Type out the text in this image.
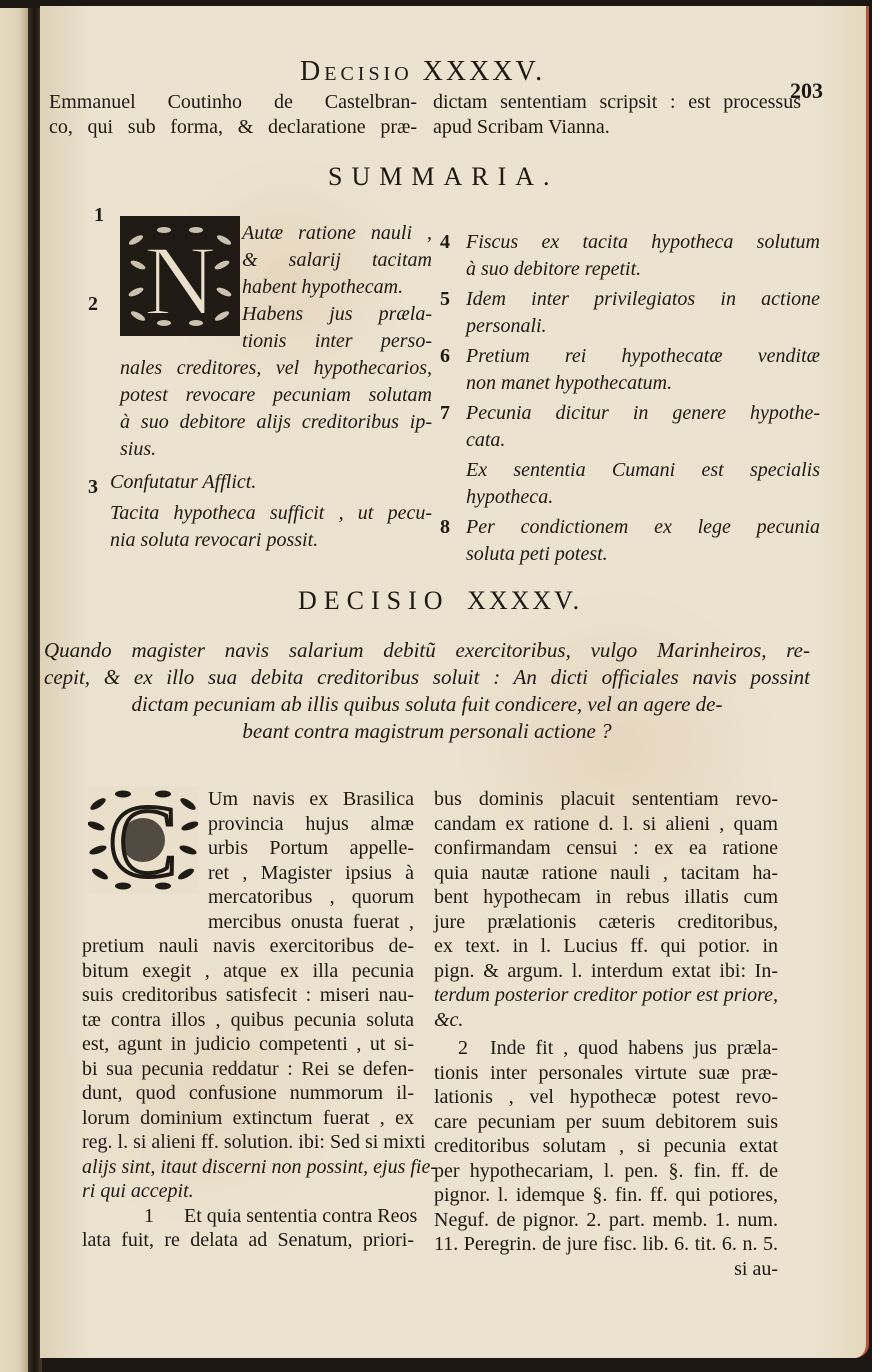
Decisio XXXXV.
203
Emmanuel Coutinho de Castelbran-
co, qui sub forma, & declaratione præ-
dictam sententiam scripsit : est processus
apud Scribam Vianna.
SUMMARIA.
1
N Autæ ratione nauli ,
& salarij tacitam
habent hypothecam.
2	Habens jus præla-
tionis inter perso-
nales creditores, vel hypothecarios,
potest revocare pecuniam solutam
à suo debitore alijs creditoribus ip-
sius.
3 Confutatur Afflict.
Tacita hypotheca sufficit , ut pecu-
nia soluta revocari possit.
4 Fiscus ex tacita hypotheca solutum
à suo debitore repetit.
5 Idem inter privilegiatos in actione
personali.
6 Pretium rei hypothecatæ venditæ
non manet hypothecatum.
7 Pecunia dicitur in genere hypothe-
cata.
Ex sententia Cumani est specialis
hypotheca.
8 Per condictionem ex lege pecunia
soluta peti potest.
DECISIO XXXXV.
Quando magister navis salarium debitũ exercitoribus, vulgo Marinheiros, re-
cepit, & ex illo sua debita creditoribus soluit : An dicti officiales navis possint
dictam pecuniam ab illis quibus soluta fuit condicere, vel an agere de-
beant contra magistrum personali actione ?
C Um navis ex Brasilica
provincia hujus almæ
urbis Portum appelle-
ret , Magister ipsius à
mercatoribus , quorum
mercibus onusta fuerat ,
pretium nauli navis exercitoribus de-
bitum exegit , atque ex illa pecunia
suis creditoribus satisfecit : miseri nau-
tæ contra illos , quibus pecunia soluta
est, agunt in judicio competenti , ut si-
bi sua pecunia reddatur : Rei se defen-
dunt, quod confusione nummorum il-
lorum dominium extinctum fuerat , ex
reg. l. si alieni ff. solution. ibi: Sed si mixti
alijs sint, itaut discerni non possint, ejus fie-
ri qui accepit.
1 Et quia sententia contra Reos
lata fuit, re delata ad Senatum, priori-
bus dominis placuit sententiam revo-
candam ex ratione d. l. si alieni , quam
confirmandam censui : ex ea ratione
quia nautæ ratione nauli , tacitam ha-
bent hypothecam in rebus illatis cum
jure prælationis cæteris creditoribus,
ex text. in l. Lucius ff. qui potior. in
pign. & argum. l. interdum extat ibi: In-
terdum posterior creditor potior est priore,
&c.
2	Inde fit , quod habens jus præla-
tionis inter personales virtute suæ præ-
lationis , vel hypothecæ potest revo-
care pecuniam per suum debitorem suis
creditoribus solutam , si pecunia extat
per hypothecariam, l. pen. §. fin. ff. de
pignor. l. idemque §. fin. ff. qui potiores,
Neguf. de pignor. 2. part. memb. 1. num.
11. Peregrin. de jure fisc. lib. 6. tit. 6. n. 5.
si au-
